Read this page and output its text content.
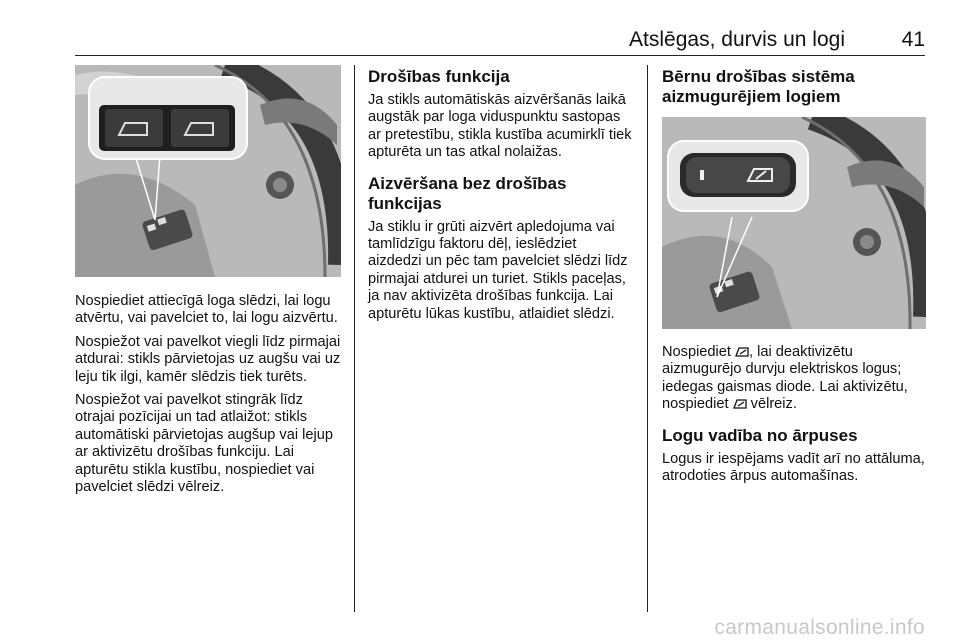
Atslēgas, durvis un logi	41

Nospiediet attiecīgā loga slēdzi, lai logu atvērtu, vai pavelciet to, lai logu aizvērtu.

Nospiežot vai pavelkot viegli līdz pirmajai atdurai: stikls pārvietojas uz augšu vai uz leju tik ilgi, kamēr slēdzis tiek turēts.

Nospiežot vai pavelkot stingrāk līdz otrajai pozīcijai un tad atlaižot: stikls automātiski pārvietojas augšup vai lejup ar aktivizētu drošības funkciju. Lai apturētu stikla kustību, nospiediet vai pavelciet slēdzi vēlreiz.

Drošības funkcija

Ja stikls automātiskās aizvēršanās laikā augstāk par loga viduspunktu sastopas ar pretestību, stikla kustība acumirklī tiek apturēta un tas atkal nolaižas.

Aizvēršana bez drošības funkcijas

Ja stiklu ir grūti aizvērt apledojuma vai tamlīdzīgu faktoru dēļ, ieslēdziet aizdedzi un pēc tam pavelciet slēdzi līdz pirmajai atdurei un turiet. Stikls paceļas, ja nav aktivizēta drošības funkcija. Lai apturētu lūkas kustību, atlaidiet slēdzi.

Bērnu drošības sistēma aizmugurējiem logiem

Nospiediet , lai deaktivizētu aizmugurējo durvju elektriskos logus; iedegas gaismas diode. Lai aktivizētu, nospiediet vēlreiz.

Logu vadība no ārpuses

Logus ir iespējams vadīt arī no attāluma, atrodoties ārpus automašīnas.

carmanualsonline.info
